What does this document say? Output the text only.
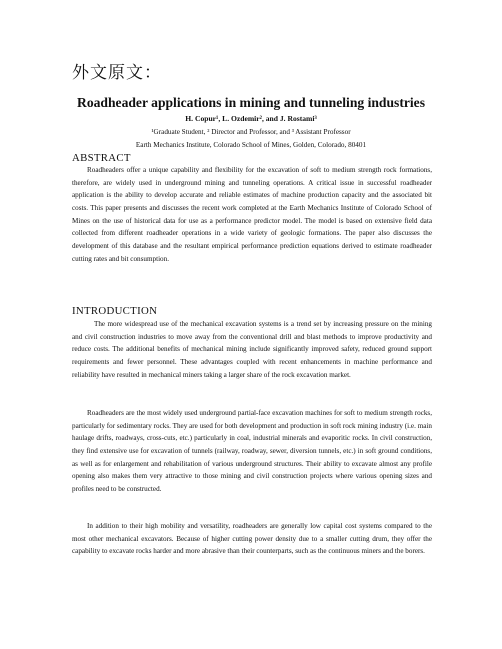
外文原文：
Roadheader applications in mining and tunneling industries
H. Copur¹, L. Ozdemir², and J. Rostami³
¹Graduate Student, ² Director and Professor, and ³ Assistant Professor
Earth Mechanics Institute, Colorado School of Mines, Golden, Colorado, 80401
ABSTRACT

Roadheaders offer a unique capability and flexibility for the excavation of soft to medium strength rock formations, therefore, are widely used in underground mining and tunneling operations. A critical issue in successful roadheader application is the ability to develop accurate and reliable estimates of machine production capacity and the associated bit costs. This paper presents and discusses the recent work completed at the Earth Mechanics Institute of Colorado School of Mines on the use of historical data for use as a performance predictor model. The model is based on extensive field data collected from different roadheader operations in a wide variety of geologic formations. The paper also discusses the development of this database and the resultant empirical performance prediction equations derived to estimate roadheader cutting rates and bit consumption.

INTRODUCTION

The more widespread use of the mechanical excavation systems is a trend set by increasing pressure on the mining and civil construction industries to move away from the conventional drill and blast methods to improve productivity and reduce costs. The additional benefits of mechanical mining include significantly improved safety, reduced ground support requirements and fewer personnel. These advantages coupled with recent enhancements in machine performance and reliability have resulted in mechanical miners taking a larger share of the rock excavation market.

Roadheaders are the most widely used underground partial-face excavation machines for soft to medium strength rocks, particularly for sedimentary rocks. They are used for both development and production in soft rock mining industry (i.e. main haulage drifts, roadways, cross-cuts, etc.) particularly in coal, industrial minerals and evaporitic rocks. In civil construction, they find extensive use for excavation of tunnels (railway, roadway, sewer, diversion tunnels, etc.) in soft ground conditions, as well as for enlargement and rehabilitation of various underground structures. Their ability to excavate almost any profile opening also makes them very attractive to those mining and civil construction projects where various opening sizes and profiles need to be constructed.

In addition to their high mobility and versatility, roadheaders are generally low capital cost systems compared to the most other mechanical excavators. Because of higher cutting power density due to a smaller cutting drum, they offer the capability to excavate rocks harder and more abrasive than their counterparts, such as the continuous miners and the borers.
